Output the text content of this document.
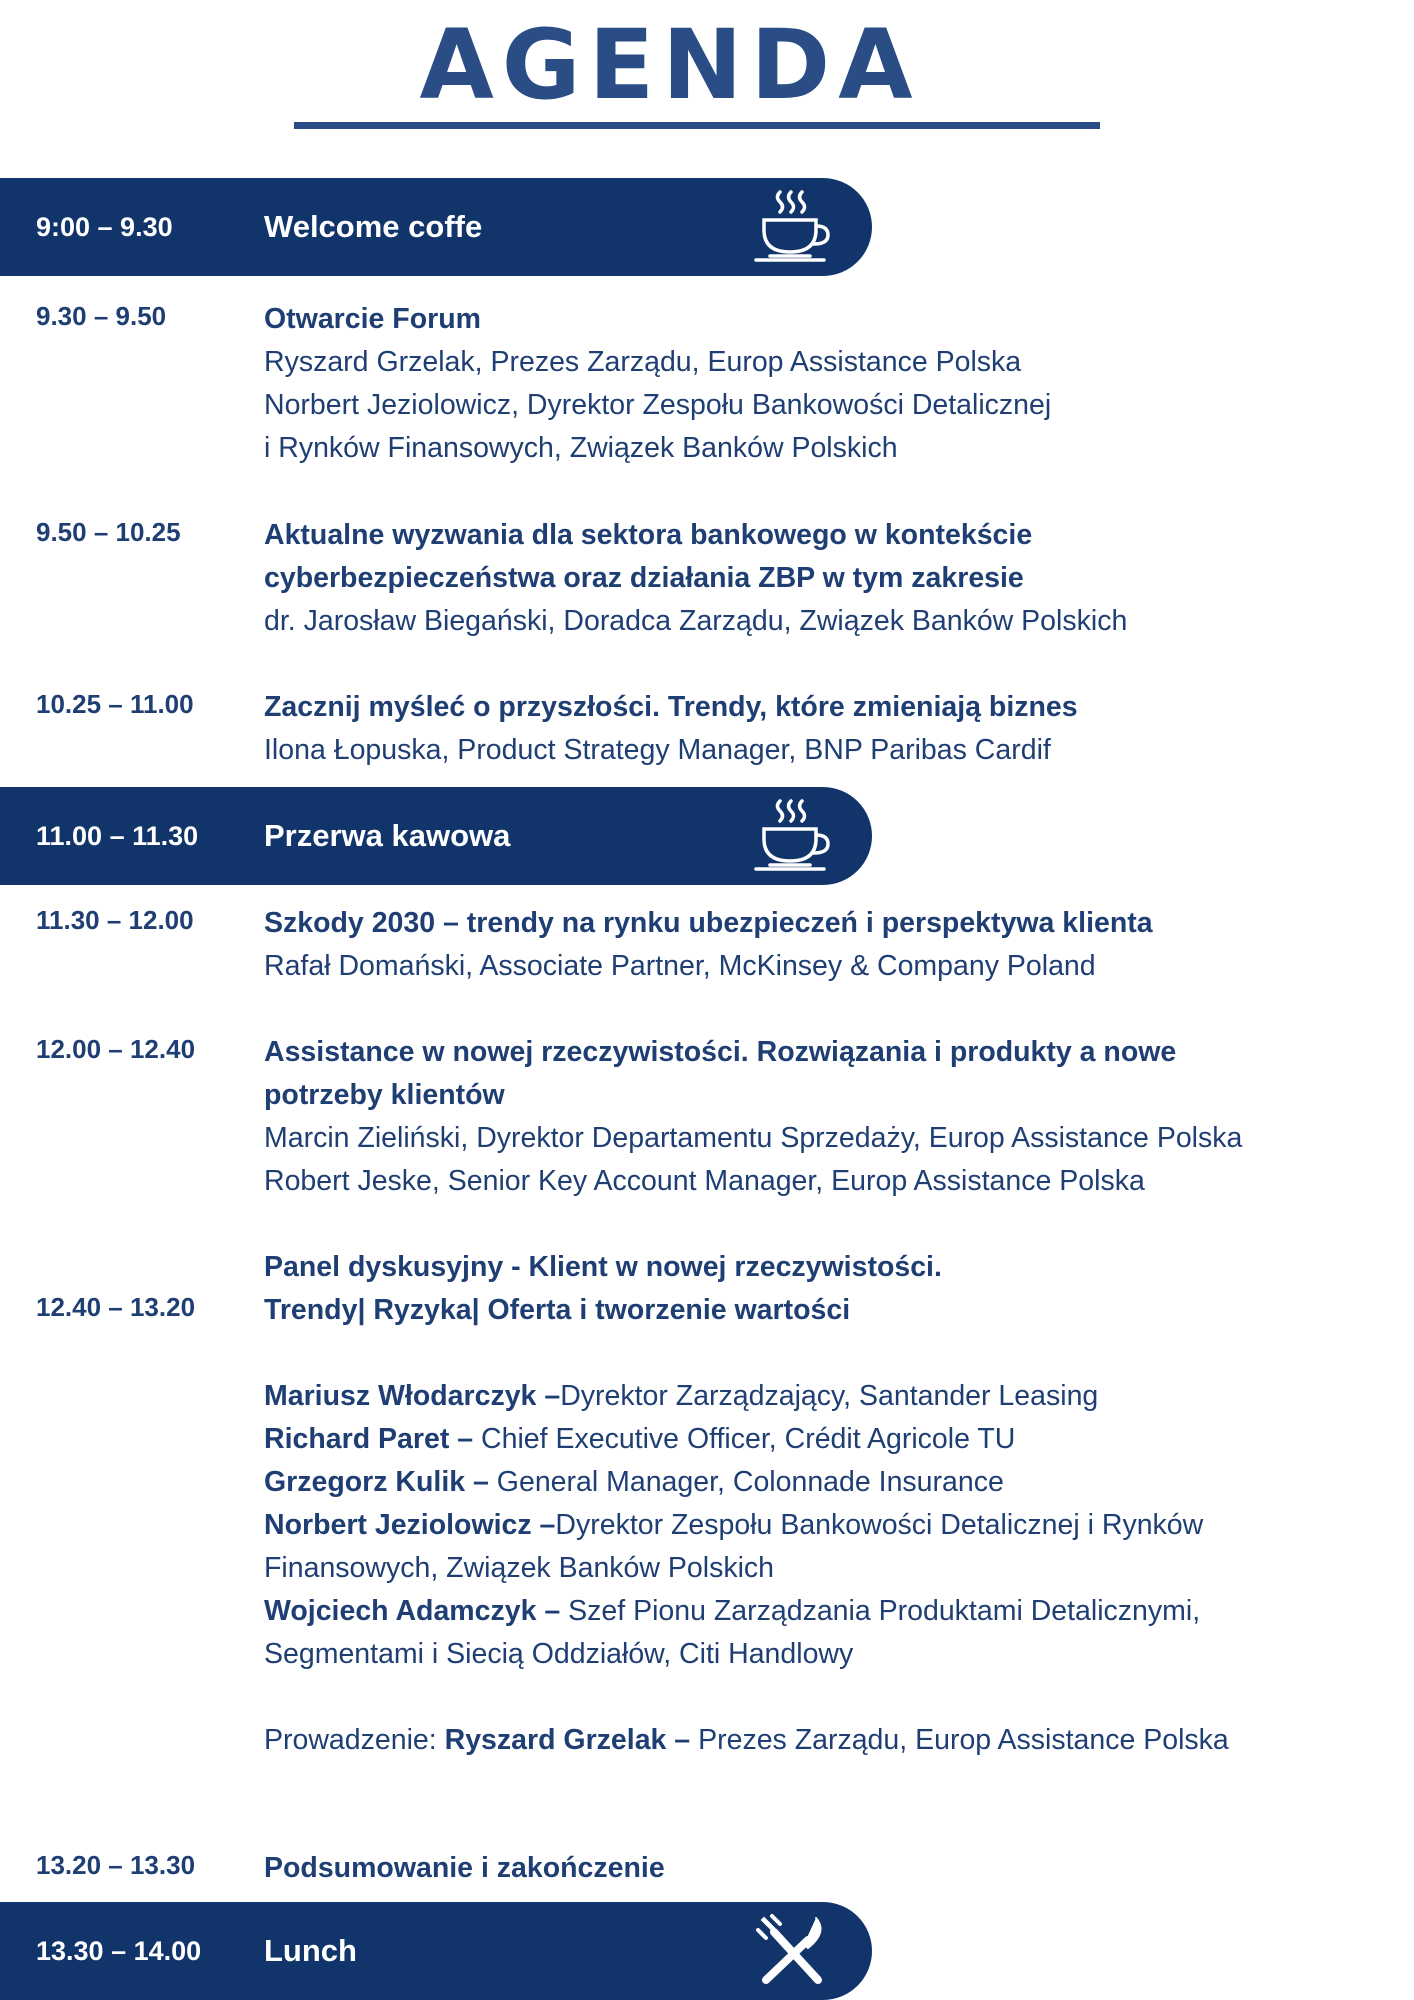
AGENDA
9:00 – 9.30	Welcome coffe
9.30 – 9.50	Otwarcie Forum
Ryszard Grzelak, Prezes Zarządu, Europ Assistance Polska
Norbert Jeziolowicz, Dyrektor Zespołu Bankowości Detalicznej
i Rynków Finansowych, Związek Banków Polskich
9.50 – 10.25	Aktualne wyzwania dla sektora bankowego w kontekście
cyberbezpieczeństwa oraz działania ZBP w tym zakresie
dr. Jarosław Biegański, Doradca Zarządu, Związek Banków Polskich
10.25 – 11.00 Zacznij myśleć o przyszłości. Trendy, które zmieniają biznes
Ilona Łopuska, Product Strategy Manager, BNP Paribas Cardif
11.00 – 11.30 Przerwa kawowa
11.30 – 12.00 Szkody 2030 – trendy na rynku ubezpieczeń i perspektywa klienta
Rafał Domański, Associate Partner, McKinsey & Company Poland
12.00 – 12.40 Assistance w nowej rzeczywistości. Rozwiązania i produkty a nowe
potrzeby klientów
Marcin Zieliński, Dyrektor Departamentu Sprzedaży, Europ Assistance Polska
Robert Jeske, Senior Key Account Manager, Europ Assistance Polska
12.40 – 13.20
Panel dyskusyjny - Klient w nowej rzeczywistości.
Trendy| Ryzyka| Oferta i tworzenie wartości
Mariusz Włodarczyk –Dyrektor Zarządzający, Santander Leasing
Richard Paret – Chief Executive Officer, Crédit Agricole TU
Grzegorz Kulik – General Manager, Colonnade Insurance
Norbert Jeziolowicz –Dyrektor Zespołu Bankowości Detalicznej i Rynków
Finansowych, Związek Banków Polskich
Wojciech Adamczyk – Szef Pionu Zarządzania Produktami Detalicznymi,
Segmentami i Siecią Oddziałów, Citi Handlowy
Prowadzenie: Ryszard Grzelak – Prezes Zarządu, Europ Assistance Polska
13.20 – 13.30 Podsumowanie i zakończenie
13.30 – 14.00 Lunch
